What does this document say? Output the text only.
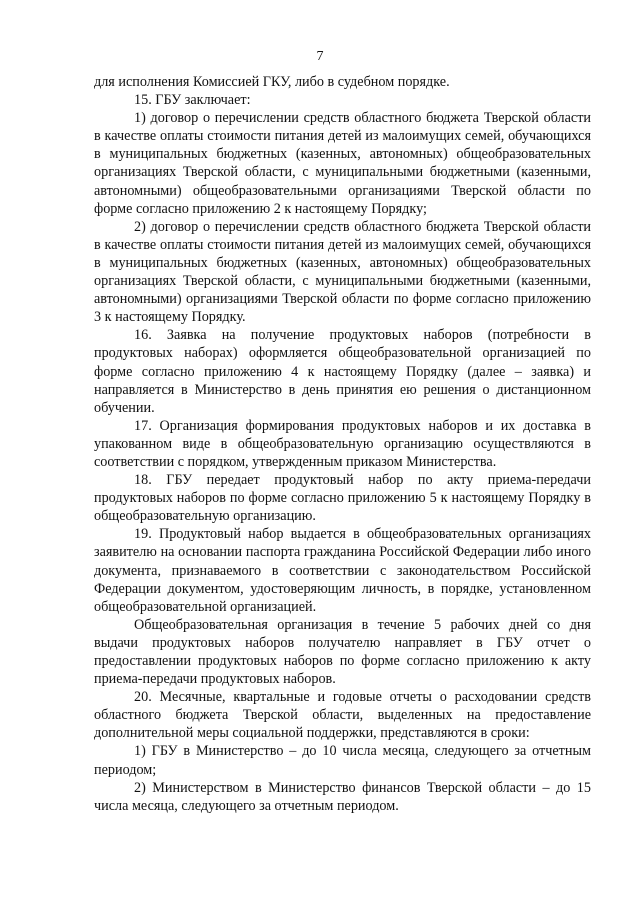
7

для исполнения Комиссией ГКУ, либо в судебном порядке.

15. ГБУ заключает:

1) договор о перечислении средств областного бюджета Тверской области в качестве оплаты стоимости питания детей из малоимущих семей, обучающихся в муниципальных бюджетных (казенных, автономных) общеобразовательных организациях Тверской области, с муниципальными бюджетными (казенными, автономными) общеобразовательными организациями Тверской области по форме согласно приложению 2 к настоящему Порядку;

2) договор о перечислении средств областного бюджета Тверской области в качестве оплаты стоимости питания детей из малоимущих семей, обучающихся в муниципальных бюджетных (казенных, автономных) общеобразовательных организациях Тверской области, с муниципальными бюджетными (казенными, автономными) организациями Тверской области по форме согласно приложению 3 к настоящему Порядку.

16. Заявка на получение продуктовых наборов (потребности в продуктовых наборах) оформляется общеобразовательной организацией по форме согласно приложению 4 к настоящему Порядку (далее – заявка) и направляется в Министерство в день принятия ею решения о дистанционном обучении.

17. Организация формирования продуктовых наборов и их доставка в упакованном виде в общеобразовательную организацию осуществляются в соответствии с порядком, утвержденным приказом Министерства.

18. ГБУ передает продуктовый набор по акту приема-передачи продуктовых наборов по форме согласно приложению 5 к настоящему Порядку в общеобразовательную организацию.

19. Продуктовый набор выдается в общеобразовательных организациях заявителю на основании паспорта гражданина Российской Федерации либо иного документа, признаваемого в соответствии с законодательством Российской Федерации документом, удостоверяющим личность, в порядке, установленном общеобразовательной организацией.

Общеобразовательная организация в течение 5 рабочих дней со дня выдачи продуктовых наборов получателю направляет в ГБУ отчет о предоставлении продуктовых наборов по форме согласно приложению к акту приема-передачи продуктовых наборов.

20. Месячные, квартальные и годовые отчеты о расходовании средств областного бюджета Тверской области, выделенных на предоставление дополнительной меры социальной поддержки, представляются в сроки:

1) ГБУ в Министерство – до 10 числа месяца, следующего за отчетным периодом;

2) Министерством в Министерство финансов Тверской области – до 15 числа месяца, следующего за отчетным периодом.
